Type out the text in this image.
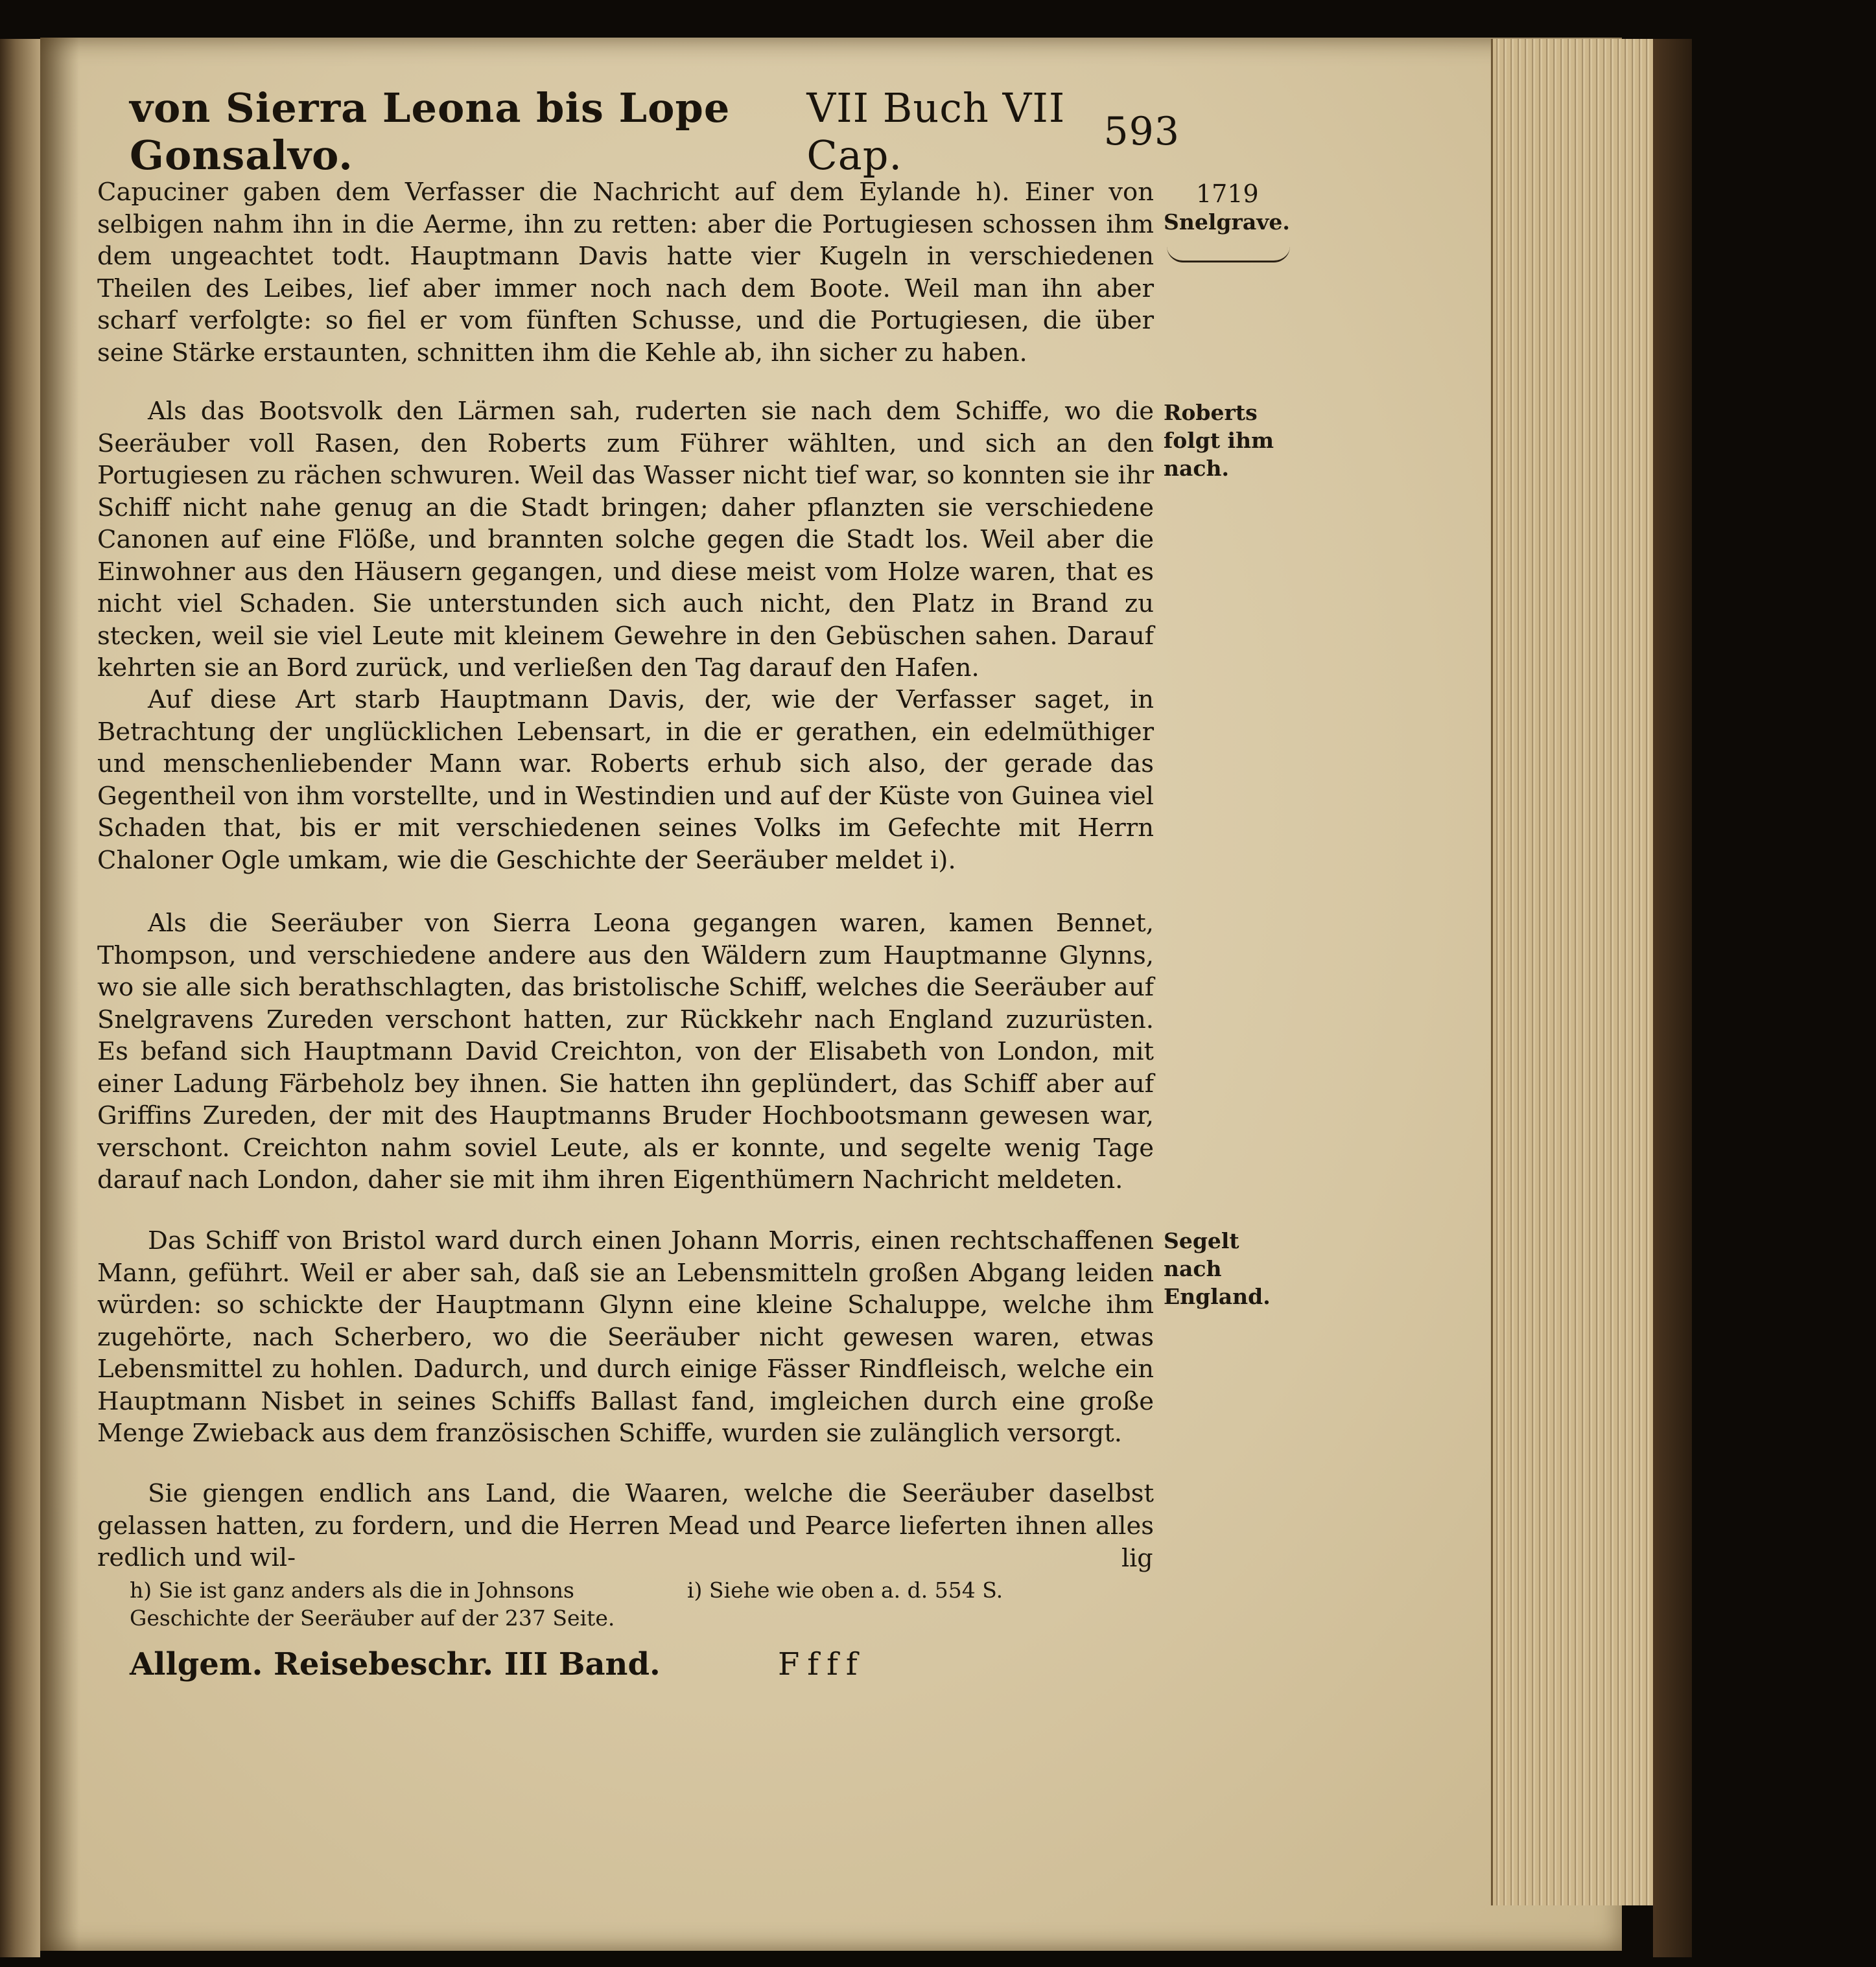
von Sierra Leona bis Lope Gonsalvo.
VII Buch VII Cap.	593

Capuciner gaben dem Verfasser die Nachricht auf dem Eylande h). Einer von selbigen nahm ihn in die Aerme, ihn zu retten: aber die Portugiesen schossen ihm dem ungeachtet todt. Hauptmann Davis hatte vier Kugeln in verschiedenen Theilen des Leibes, lief aber immer noch nach dem Boote. Weil man ihn aber scharf verfolgte: so fiel er vom fünften Schusse, und die Portugiesen, die über seine Stärke erstaunten, schnitten ihm die Kehle ab, ihn sicher zu haben.

Als das Bootsvolk den Lärmen sah, ruderten sie nach dem Schiffe, wo die Seeräuber voll Rasen, den Roberts zum Führer wählten, und sich an den Portugiesen zu rächen schwuren. Weil das Wasser nicht tief war, so konnten sie ihr Schiff nicht nahe genug an die Stadt bringen; daher pflanzten sie verschiedene Canonen auf eine Flöße, und brannten solche gegen die Stadt los. Weil aber die Einwohner aus den Häusern gegangen, und diese meist vom Holze waren, that es nicht viel Schaden. Sie unterstunden sich auch nicht, den Platz in Brand zu stecken, weil sie viel Leute mit kleinem Gewehre in den Gebüschen sahen. Darauf kehrten sie an Bord zurück, und verließen den Tag darauf den Hafen.

Auf diese Art starb Hauptmann Davis, der, wie der Verfasser saget, in Betrachtung der unglücklichen Lebensart, in die er gerathen, ein edelmüthiger und menschenliebender Mann war. Roberts erhub sich also, der gerade das Gegentheil von ihm vorstellte, und in Westindien und auf der Küste von Guinea viel Schaden that, bis er mit verschiedenen seines Volks im Gefechte mit Herrn Chaloner Ogle umkam, wie die Geschichte der Seeräuber meldet i).

Als die Seeräuber von Sierra Leona gegangen waren, kamen Bennet, Thompson, und verschiedene andere aus den Wäldern zum Hauptmanne Glynns, wo sie alle sich berathschlagten, das bristolische Schiff, welches die Seeräuber auf Snelgravens Zureden verschont hatten, zur Rückkehr nach England zuzurüsten. Es befand sich Hauptmann David Creichton, von der Elisabeth von London, mit einer Ladung Färbeholz bey ihnen. Sie hatten ihn geplündert, das Schiff aber auf Griffins Zureden, der mit des Hauptmanns Bruder Hochbootsmann gewesen war, verschont. Creichton nahm soviel Leute, als er konnte, und segelte wenig Tage darauf nach London, daher sie mit ihm ihren Eigenthümern Nachricht meldeten.

Das Schiff von Bristol ward durch einen Johann Morris, einen rechtschaffenen Mann, geführt. Weil er aber sah, daß sie an Lebensmitteln großen Abgang leiden würden: so schickte der Hauptmann Glynn eine kleine Schaluppe, welche ihm zugehörte, nach Scherbero, wo die Seeräuber nicht gewesen waren, etwas Lebensmittel zu hohlen. Dadurch, und durch einige Fässer Rindfleisch, welche ein Hauptmann Nisbet in seines Schiffs Ballast fand, imgleichen durch eine große Menge Zwieback aus dem französischen Schiffe, wurden sie zulänglich versorgt.

Sie giengen endlich ans Land, die Waaren, welche die Seeräuber daselbst gelassen hatten, zu fordern, und die Herren Mead und Pearce lieferten ihnen alles redlich und wil-	lig
1719
Snelgrave.
Roberts folgt ihm nach.
Segelt nach England.
h) Sie ist ganz anders als die in Johnsons Geschichte der Seeräuber auf der 237 Seite.
i) Siehe wie oben a. d. 554 S.
Allgem. Reisebeschr. III Band.	Ffff
